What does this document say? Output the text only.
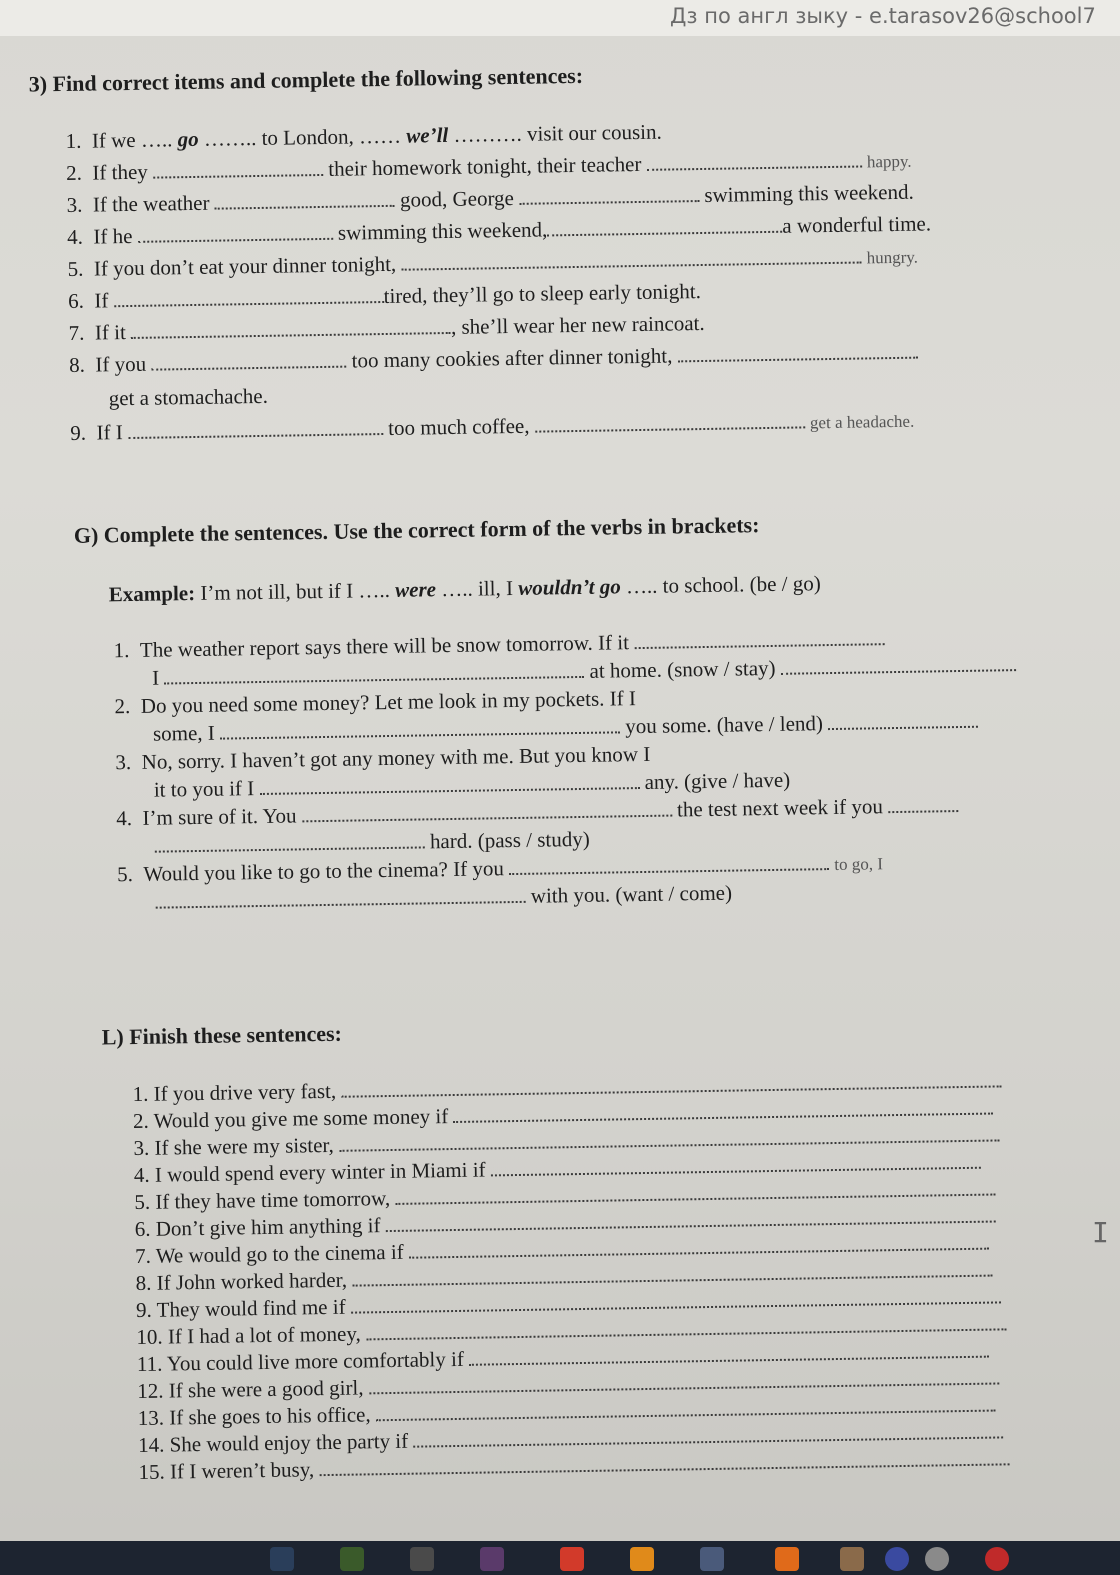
Дз по англ зыку - e.tarasov26@school7
3) Find correct items and complete the following sentences:
1. If we ….. go …….. to London, …… we’ll ………. visit our cousin.
2. If they	their homework tonight, their teacher	happy.
3. If the weather	good, George	swimming this weekend.
4. If he	swimming this weekend,	a wonderful time.
5. If you don’t eat your dinner tonight,	hungry.
6. If	tired, they’ll go to sleep early tonight.
7. If it	, she’ll wear her new raincoat.
8. If you	too many cookies after dinner tonight,
get a stomachache.
9. If I	too much coffee,	get a headache.
G) Complete the sentences. Use the correct form of the verbs in brackets:
Example: I’m not ill, but if I ….. were ….. ill, I wouldn’t go ….. to school. (be / go)
1. The weather report says there will be snow tomorrow. If it
I	at home. (snow / stay)
2. Do you need some money? Let me look in my pockets. If I
some, I	you some. (have / lend)
3. No, sorry. I haven’t got any money with me. But you know I
it to you if I	any. (give / have)
4. I’m sure of it. You	the test next week if you
hard. (pass / study)
5. Would you like to go to the cinema? If you	to go, I
with you. (want / come)
L) Finish these sentences:
1. If you drive very fast,
2. Would you give me some money if
3. If she were my sister,
4. I would spend every winter in Miami if
5. If they have time tomorrow,
6. Don’t give him anything if
7. We would go to the cinema if
8. If John worked harder,
9. They would find me if
10. If I had a lot of money,
11. You could live more comfortably if
12. If she were a good girl,
13. If she goes to his office,
14. She would enjoy the party if
15. If I weren’t busy,
I
